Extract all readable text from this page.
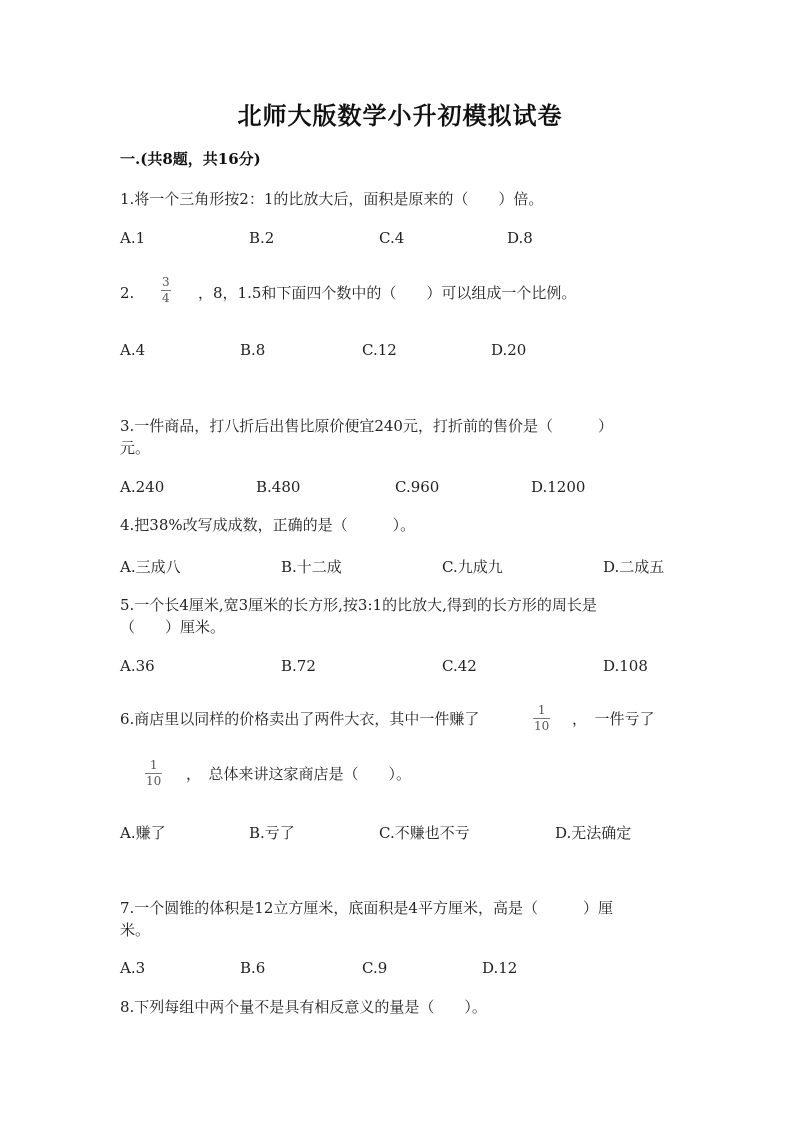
北师大版数学小升初模拟试卷
一.(共8题，共16分)
1.将一个三角形按2：1的比放大后，面积是原来的（　　）倍。
A.1	B.2	C.4	D.8
2.
3
4 ，8，1.5和下面四个数中的（　　）可以组成一个比例。
A.4	B.8	C.12	D.20
3.一件商品，打八折后出售比原价便宜240元，打折前的售价是（　　　）
元。
A.240	B.480	C.960	D.1200
4.把38%改写成成数，正确的是（　　　）。
A.三成八	B.十二成	C.九成九	D.二成五
5.一个长4厘米,宽3厘米的长方形,按3:1的比放大,得到的长方形的周长是
（　　）厘米。
A.36	B.72	C.42	D.108
6.商店里以同样的价格卖出了两件大衣，其中一件赚了	1
10 ，　一件亏了
1
10 ，　总体来讲这家商店是（　　）。
A.赚了	B.亏了	C.不赚也不亏	D.无法确定
7.一个圆锥的体积是12立方厘米，底面积是4平方厘米，高是（　　　）厘
米。
A.3	B.6	C.9	D.12
8.下列每组中两个量不是具有相反意义的量是（　　）。
